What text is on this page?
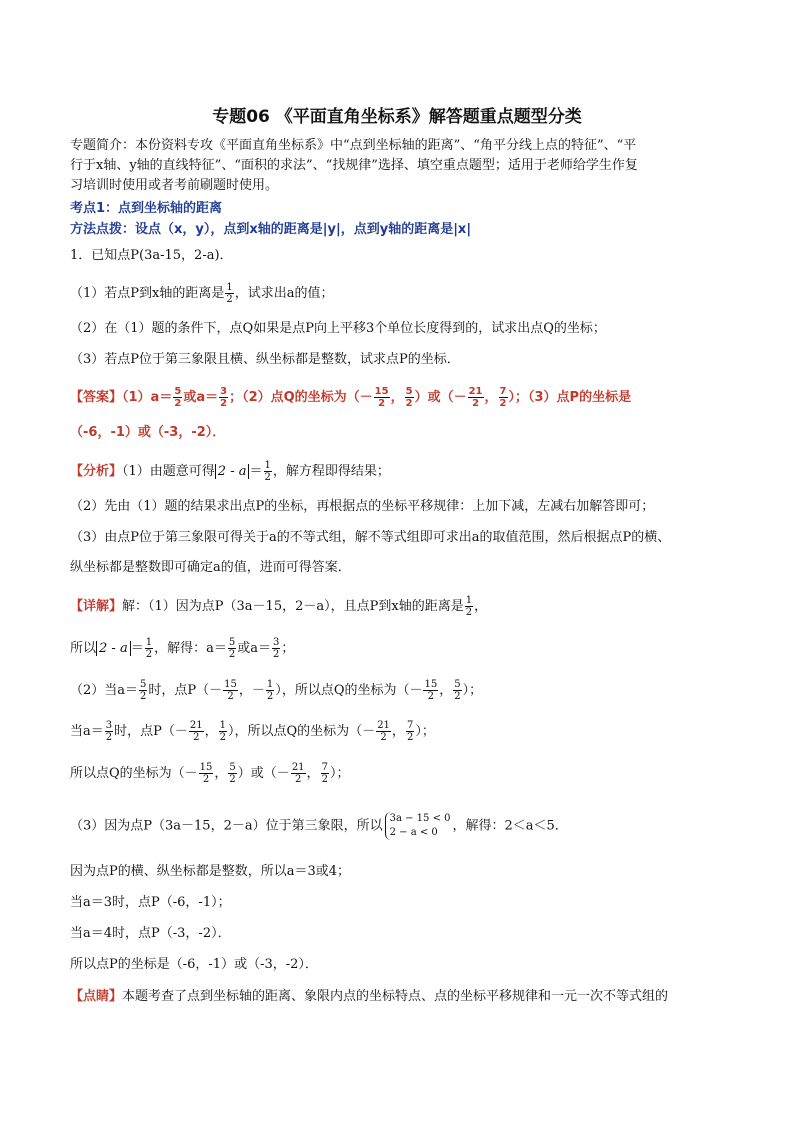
专题06 《平面直角坐标系》解答题重点题型分类
专题简介：本份资料专攻《平面直角坐标系》中“点到坐标轴的距离”、“角平分线上点的特征”、“平
行于x轴、y轴的直线特征”、“面积的求法”、“找规律”选择、填空重点题型；适用于老师给学生作复
习培训时使用或者考前刷题时使用。
考点1：点到坐标轴的距离
方法点拨：设点（x，y），点到x轴的距离是|y|，点到y轴的距离是|x|
1．已知点P(3a-15，2-a)．
（1）若点P到x轴的距离是 $\frac{1}{2}$ ，试求出a的值；
（2）在（1）题的条件下，点Q如果是点P向上平移3个单位长度得到的，试求出点Q的坐标；
（3）若点P位于第三象限且横、纵坐标都是整数，试求点P的坐标．
【答案】$(1)a= \frac{5}{2}$ 或$a= \frac{3}{2}$ ；（2）点Q的坐标为（－ $\frac{15}{2}$ ， $\frac{5}{2}$ ）或（－ $\frac{21}{2}$ ， $\frac{7}{2}$ ）；（3）点P的坐标是
（-6，-1）或（-3，-2）．
【分析】（1）由题意可得 $2 - a = \frac{1}{2}$ ，解方程即得结果；
（2）先由（1）题的结果求出点P的坐标，再根据点的坐标平移规律：上加下减，左减右加解答即可；
（3）由点P位于第三象限可得关于a的不等式组，解不等式组即可求出a的取值范围，然后根据点P的横、
纵坐标都是整数即可确定a的值，进而可得答案．
【详解】解：（1）因为点P（3a－15，2－a），且点P到x轴的距离是 $\frac{1}{2}$ ，
所以 $2 - a = \frac{1}{2}$ ，解得：$a= \frac{5}{2}$ 或$a= \frac{3}{2}$ ；
（2）当$a= \frac{5}{2}$ 时，点$P(- \frac{15}{2}$ ，－ $\frac{1}{2}$ ），所以点Q的坐标为（－ $\frac{15}{2}$ ， $\frac{5}{2}$ ）；
当$a= \frac{3}{2}$ 时，点$P(- \frac{21}{2}$ ， $\frac{1}{2}$ ），所以点Q的坐标为（－ $\frac{21}{2}$ ， $\frac{7}{2}$ ）；
所以点Q的坐标为（－ $\frac{15}{2}$ ， $\frac{5}{2}$ ）或（－ $\frac{21}{2}$ ， $\frac{7}{2}$ ）；
（3）因为点P（3a－15，2－a）位于第三象限，所以 3a − 15 < 0
2 − a < 0	，解得：2＜a＜5．
因为点P的横、纵坐标都是整数，所以a＝3或4；
当a＝3时，点P（-6，-1）；
当a＝4时，点P（-3，-2）．
所以点P的坐标是（-6，-1）或（-3，-2）．
【点睛】本题考查了点到坐标轴的距离、象限内点的坐标特点、点的坐标平移规律和一元一次不等式组的
